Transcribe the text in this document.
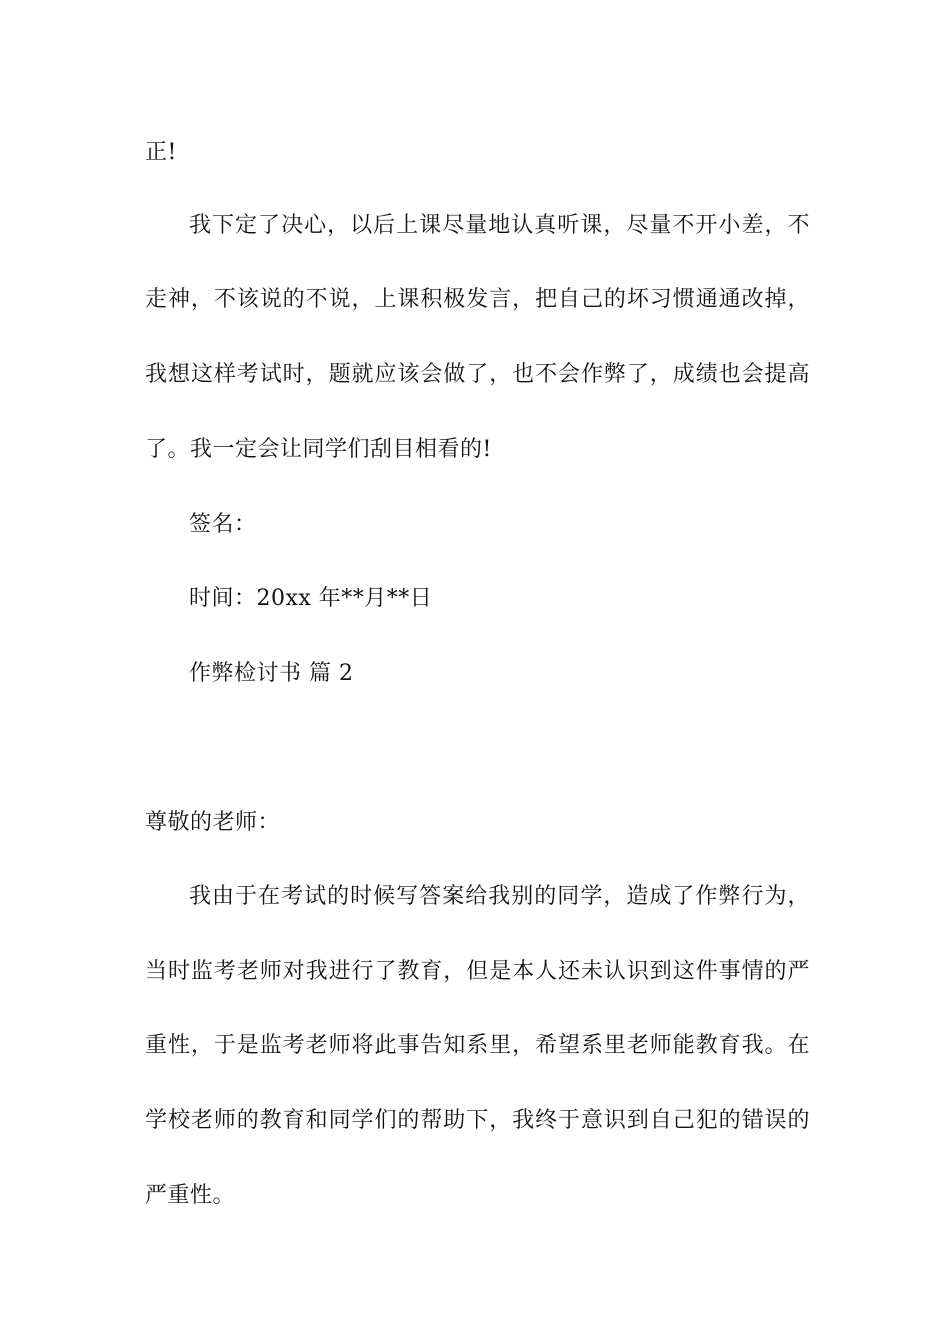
正!
我下定了决心，以后上课尽量地认真听课，尽量不开小差，不
走神，不该说的不说，上课积极发言，把自己的坏习惯通通改掉，
我想这样考试时，题就应该会做了，也不会作弊了，成绩也会提高
了。我一定会让同学们刮目相看的!
签名：
时间：20xx 年**月**日
作弊检讨书 篇 2
尊敬的老师：
我由于在考试的时候写答案给我别的同学，造成了作弊行为，
当时监考老师对我进行了教育，但是本人还未认识到这件事情的严
重性，于是监考老师将此事告知系里，希望系里老师能教育我。在
学校老师的教育和同学们的帮助下，我终于意识到自己犯的错误的
严重性。
